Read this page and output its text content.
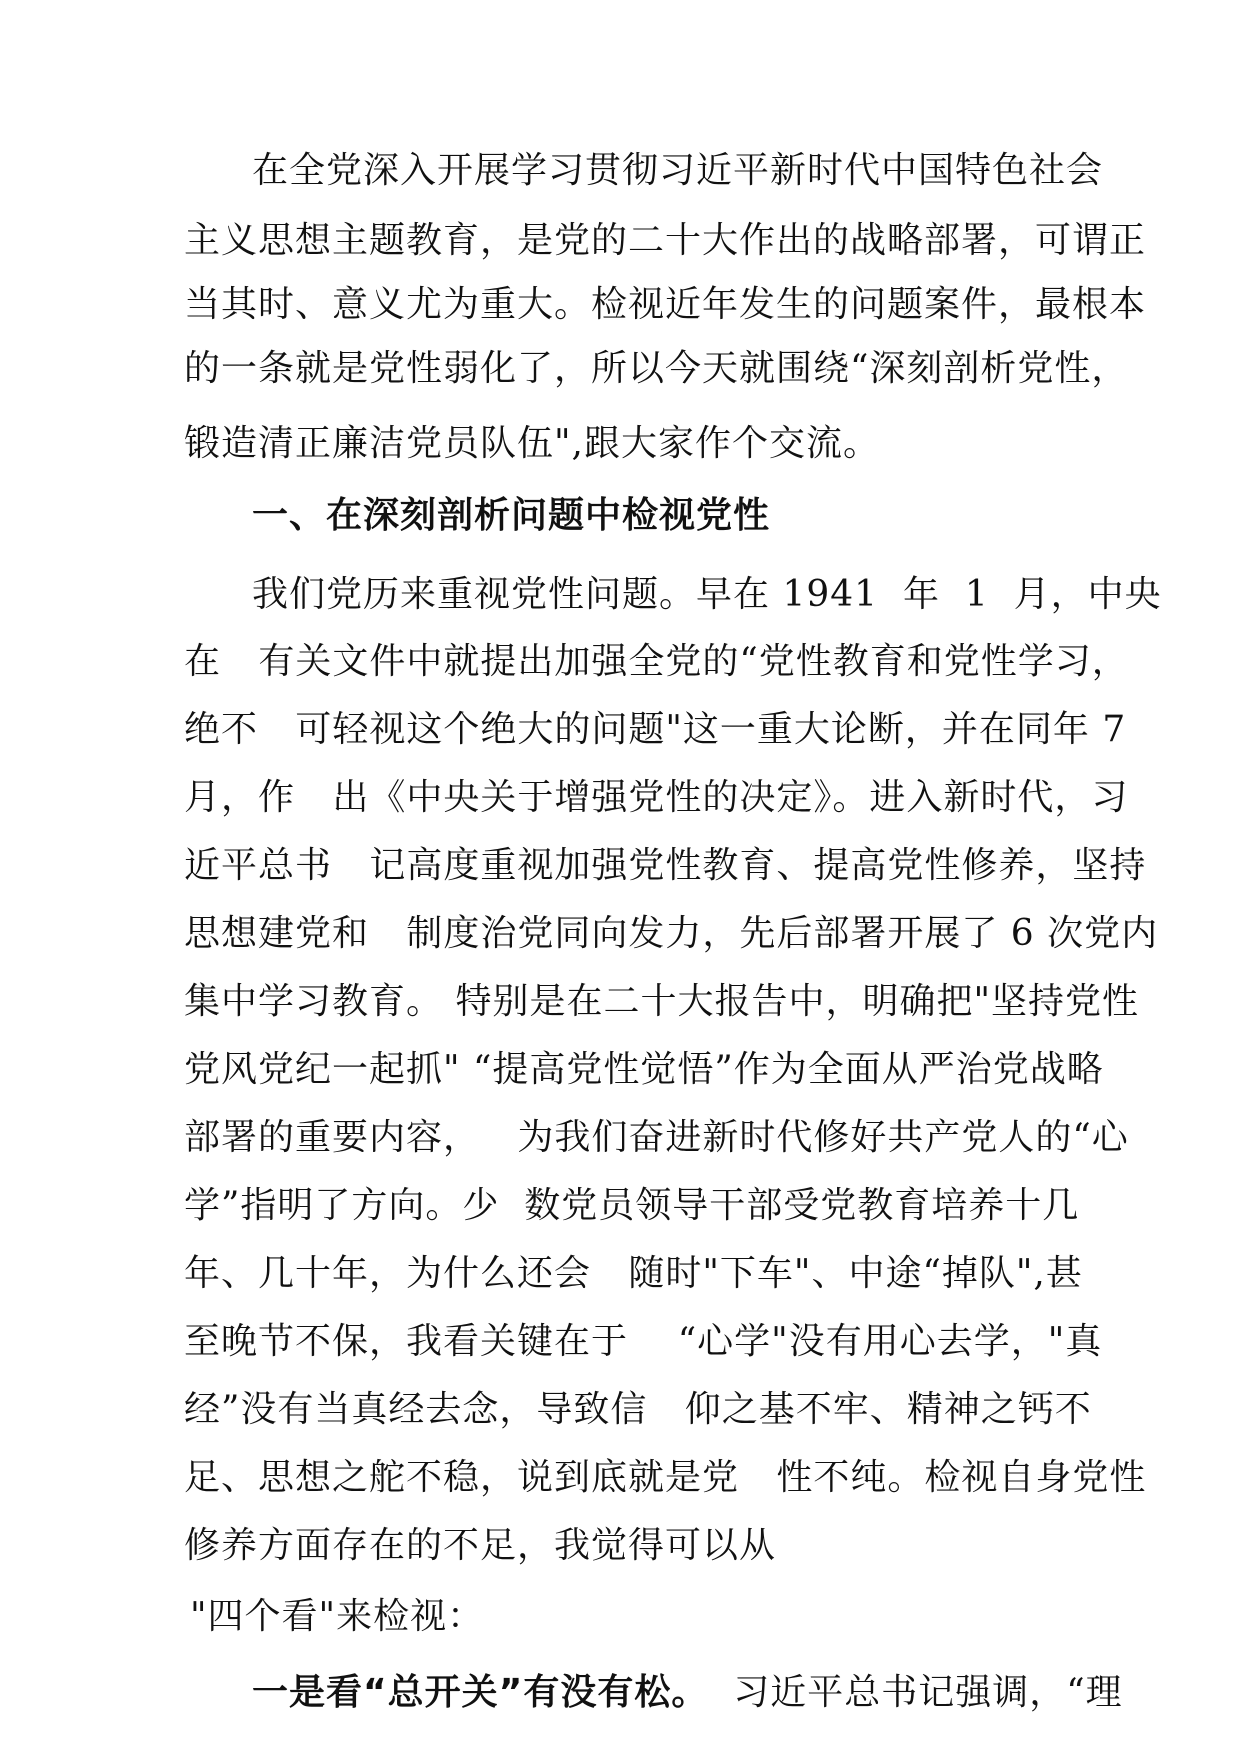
在全党深入开展学习贯彻习近平新时代中国特色社会

主义思想主题教育，是党的二十大作出的战略部署，可谓正

当其时、意义尤为重大。检视近年发生的问题案件，最根本

的一条就是党性弱化了，所以今天就围绕“深刻剖析党性，

锻造清正廉洁党员队伍",跟大家作个交流。

一、在深刻剖析问题中检视党性

我们党历来重视党性问题。早在 1941  年  1  月，中央

在   有关文件中就提出加强全党的“党性教育和党性学习，

绝不   可轻视这个绝大的问题"这一重大论断，并在同年 7

月，作   出《中央关于增强党性的决定》。进入新时代，习

近平总书   记高度重视加强党性教育、提高党性修养，坚持

思想建党和   制度治党同向发力，先后部署开展了 6 次党内

集中学习教育。 特别是在二十大报告中，明确把"坚持党性

党风党纪一起抓" “提高党性觉悟”作为全面从严治党战略

部署的重要内容，   为我们奋进新时代修好共产党人的“心

学”指明了方向。少  数党员领导干部受党教育培养十几

年、几十年，为什么还会   随时"下车"、中途“掉队",甚

至晚节不保，我看关键在于    “心学"没有用心去学，"真

经”没有当真经去念，导致信   仰之基不牢、精神之钙不

足、思想之舵不稳，说到底就是党   性不纯。检视自身党性

修养方面存在的不足，我觉得可以从

"四个看"来检视：

一是看“总开关”有没有松。  习近平总书记强调，“理
